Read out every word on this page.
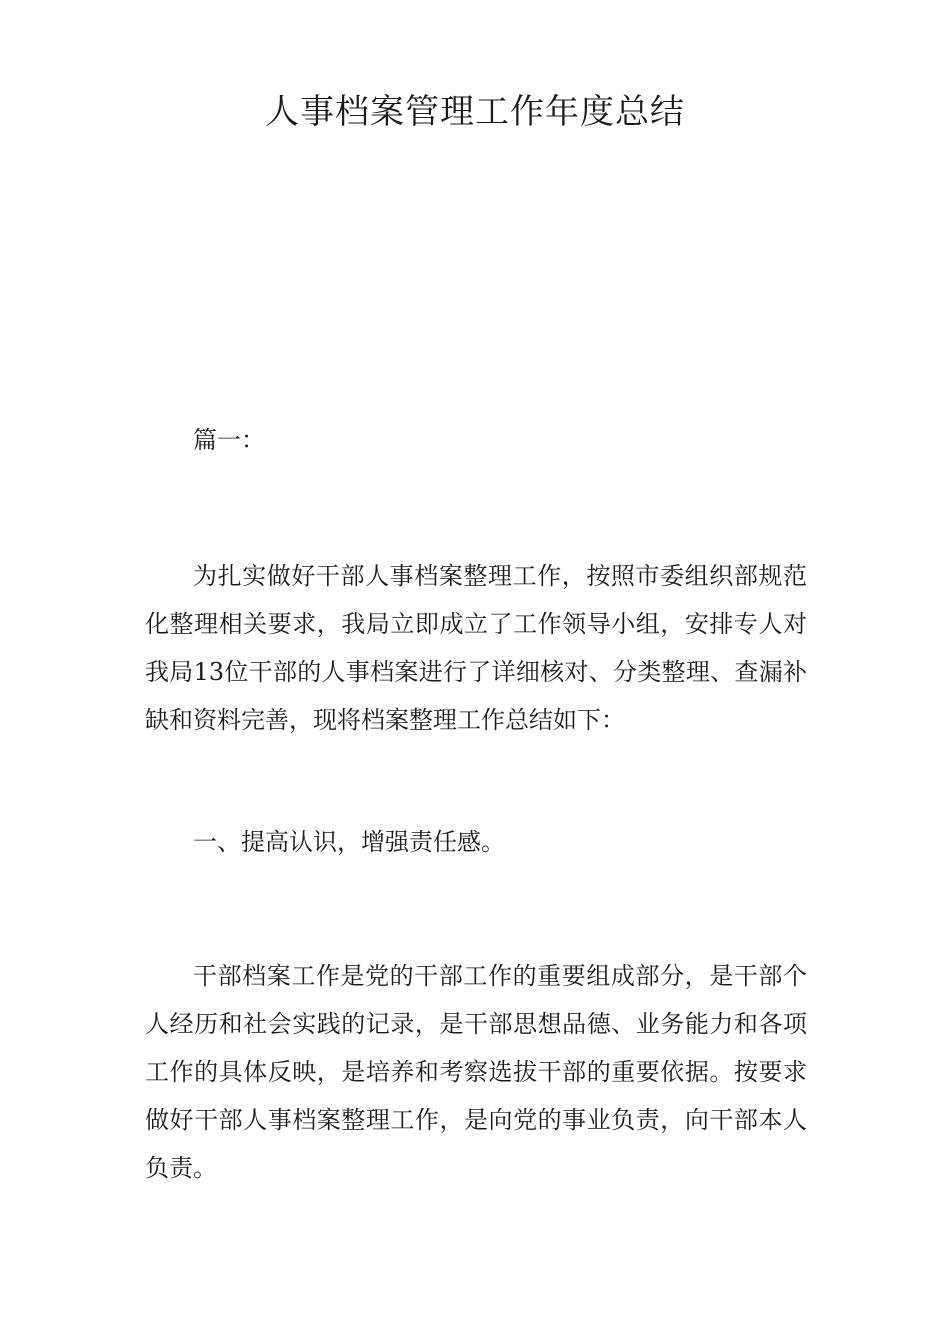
人事档案管理工作年度总结

篇一：

为扎实做好干部人事档案整理工作，按照市委组织部规范化整理相关要求，我局立即成立了工作领导小组，安排专人对我局13位干部的人事档案进行了详细核对、分类整理、查漏补缺和资料完善，现将档案整理工作总结如下：

一、提高认识，增强责任感。

干部档案工作是党的干部工作的重要组成部分，是干部个人经历和社会实践的记录，是干部思想品德、业务能力和各项工作的具体反映，是培养和考察选拔干部的重要依据。按要求做好干部人事档案整理工作，是向党的事业负责，向干部本人负责。
